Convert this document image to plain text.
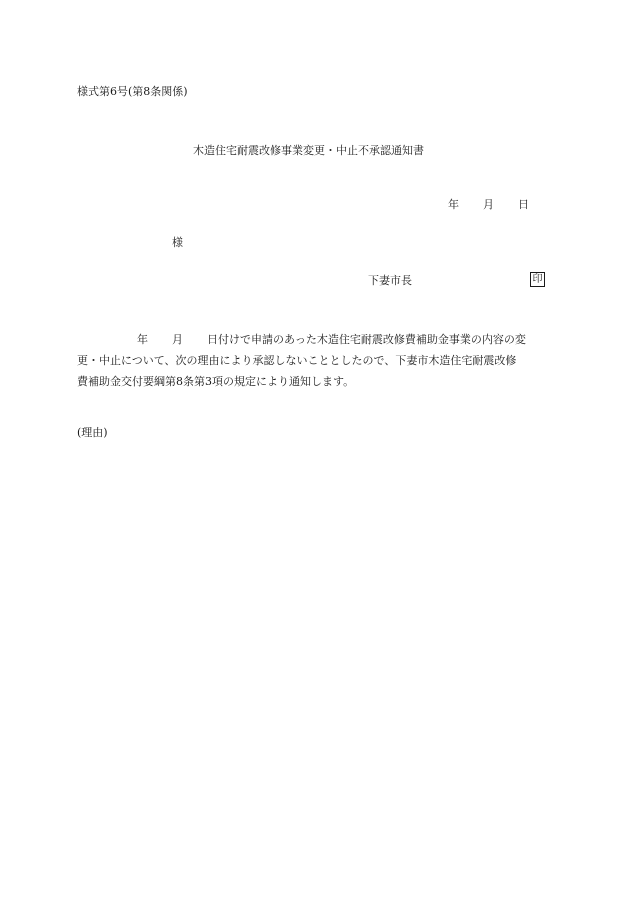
様式第6号(第8条関係)
木造住宅耐震改修事業変更・中止不承認通知書
年 月 日
様
下妻市長	印
年 月 日付けで申請のあった木造住宅耐震改修費補助金事業の内容の変
更・中止について、次の理由により承認しないこととしたので、下妻市木造住宅耐震改修
費補助金交付要綱第8条第3項の規定により通知します。
(理由)
